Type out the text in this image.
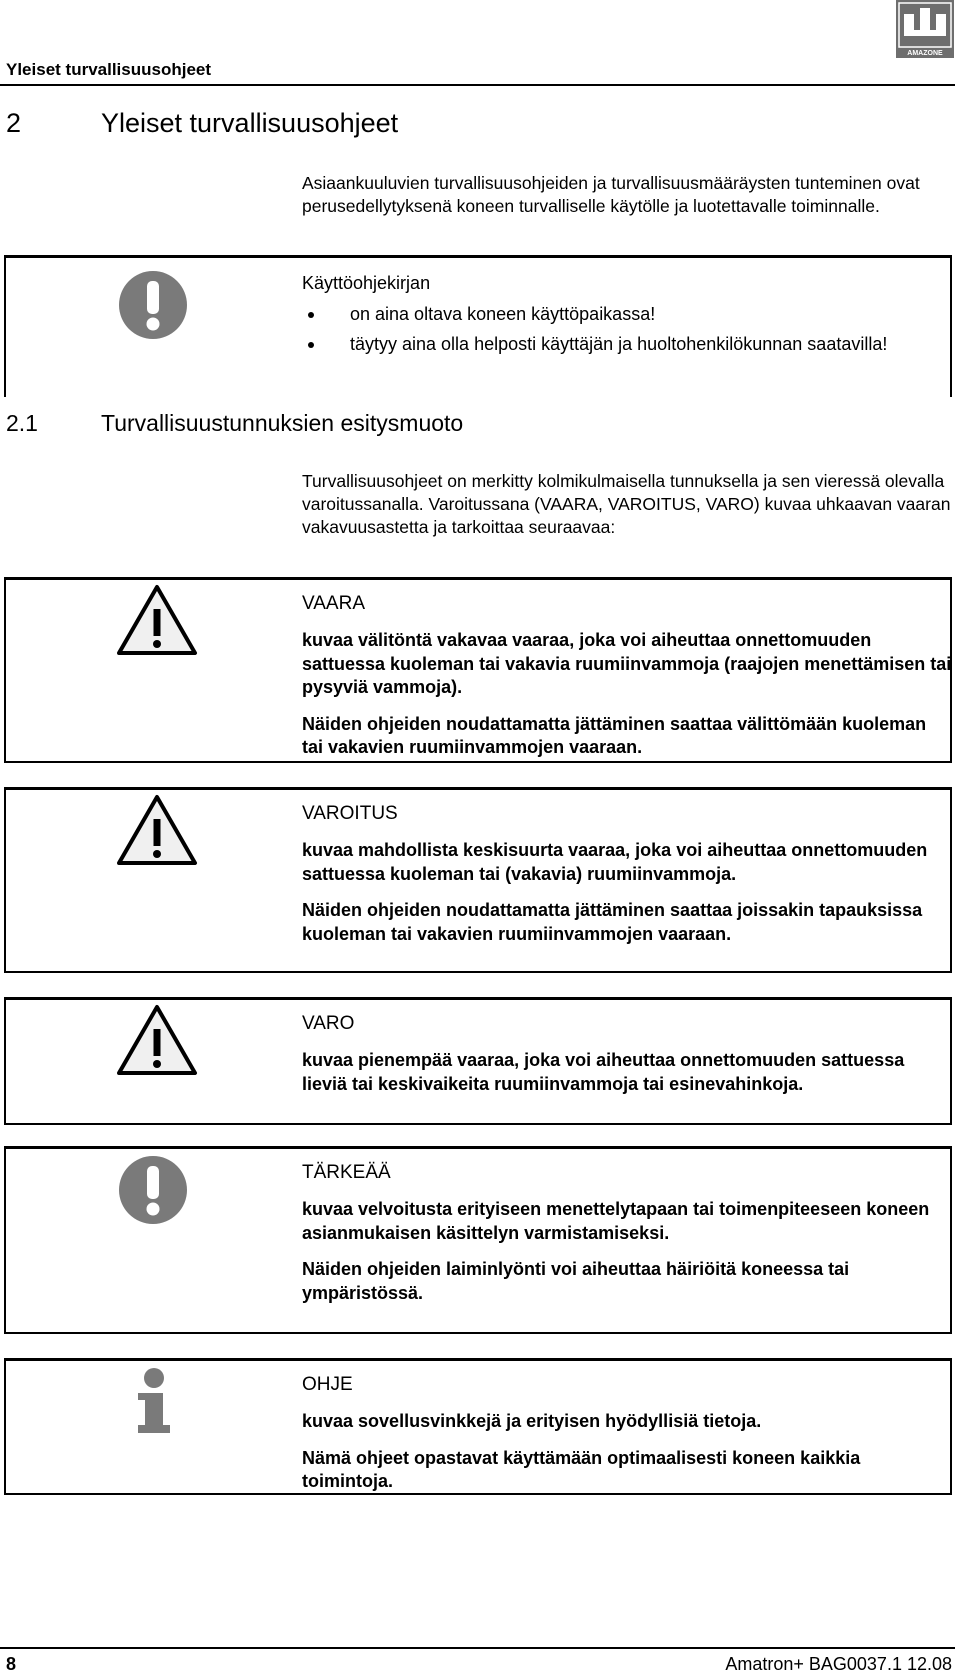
Yleiset turvallisuusohjeet
AMAZONE
2	Yleiset turvallisuusohjeet
Asiaankuuluvien turvallisuusohjeiden ja turvallisuusmääräysten tunteminen ovat perusedellytyksenä koneen turvalliselle käytölle ja luotettavalle toiminnalle.
Käyttöohjekirjan
on aina oltava koneen käyttöpaikassa!
täytyy aina olla helposti käyttäjän ja huoltohenkilökunnan saatavilla!
2.1	Turvallisuustunnuksien esitysmuoto
Turvallisuusohjeet on merkitty kolmikulmaisella tunnuksella ja sen vieressä olevalla varoitussanalla. Varoitussana (VAARA, VAROITUS, VARO) kuvaa uhkaavan vaaran vakavuusastetta ja tarkoittaa seuraavaa:
VAARA
kuvaa välitöntä vakavaa vaaraa, joka voi aiheuttaa onnettomuuden sattuessa kuoleman tai vakavia ruumiinvammoja (raajojen menettämisen tai pysyviä vammoja).
Näiden ohjeiden noudattamatta jättäminen saattaa välittömään kuoleman tai vakavien ruumiinvammojen vaaraan.
VAROITUS
kuvaa mahdollista keskisuurta vaaraa, joka voi aiheuttaa onnettomuuden sattuessa kuoleman tai (vakavia) ruumiinvammoja.
Näiden ohjeiden noudattamatta jättäminen saattaa joissakin tapauksissa kuoleman tai vakavien ruumiinvammojen vaaraan.
VARO
kuvaa pienempää vaaraa, joka voi aiheuttaa onnettomuuden sattuessa lieviä tai keskivaikeita ruumiinvammoja tai esinevahinkoja.
TÄRKEÄÄ
kuvaa velvoitusta erityiseen menettelytapaan tai toimenpiteeseen koneen asianmukaisen käsittelyn varmistamiseksi.
Näiden ohjeiden laiminlyönti voi aiheuttaa häiriöitä koneessa tai ympäristössä.
OHJE
kuvaa sovellusvinkkejä ja erityisen hyödyllisiä tietoja.
Nämä ohjeet opastavat käyttämään optimaalisesti koneen kaikkia toimintoja.
8	Amatron+ BAG0037.1 12.08
